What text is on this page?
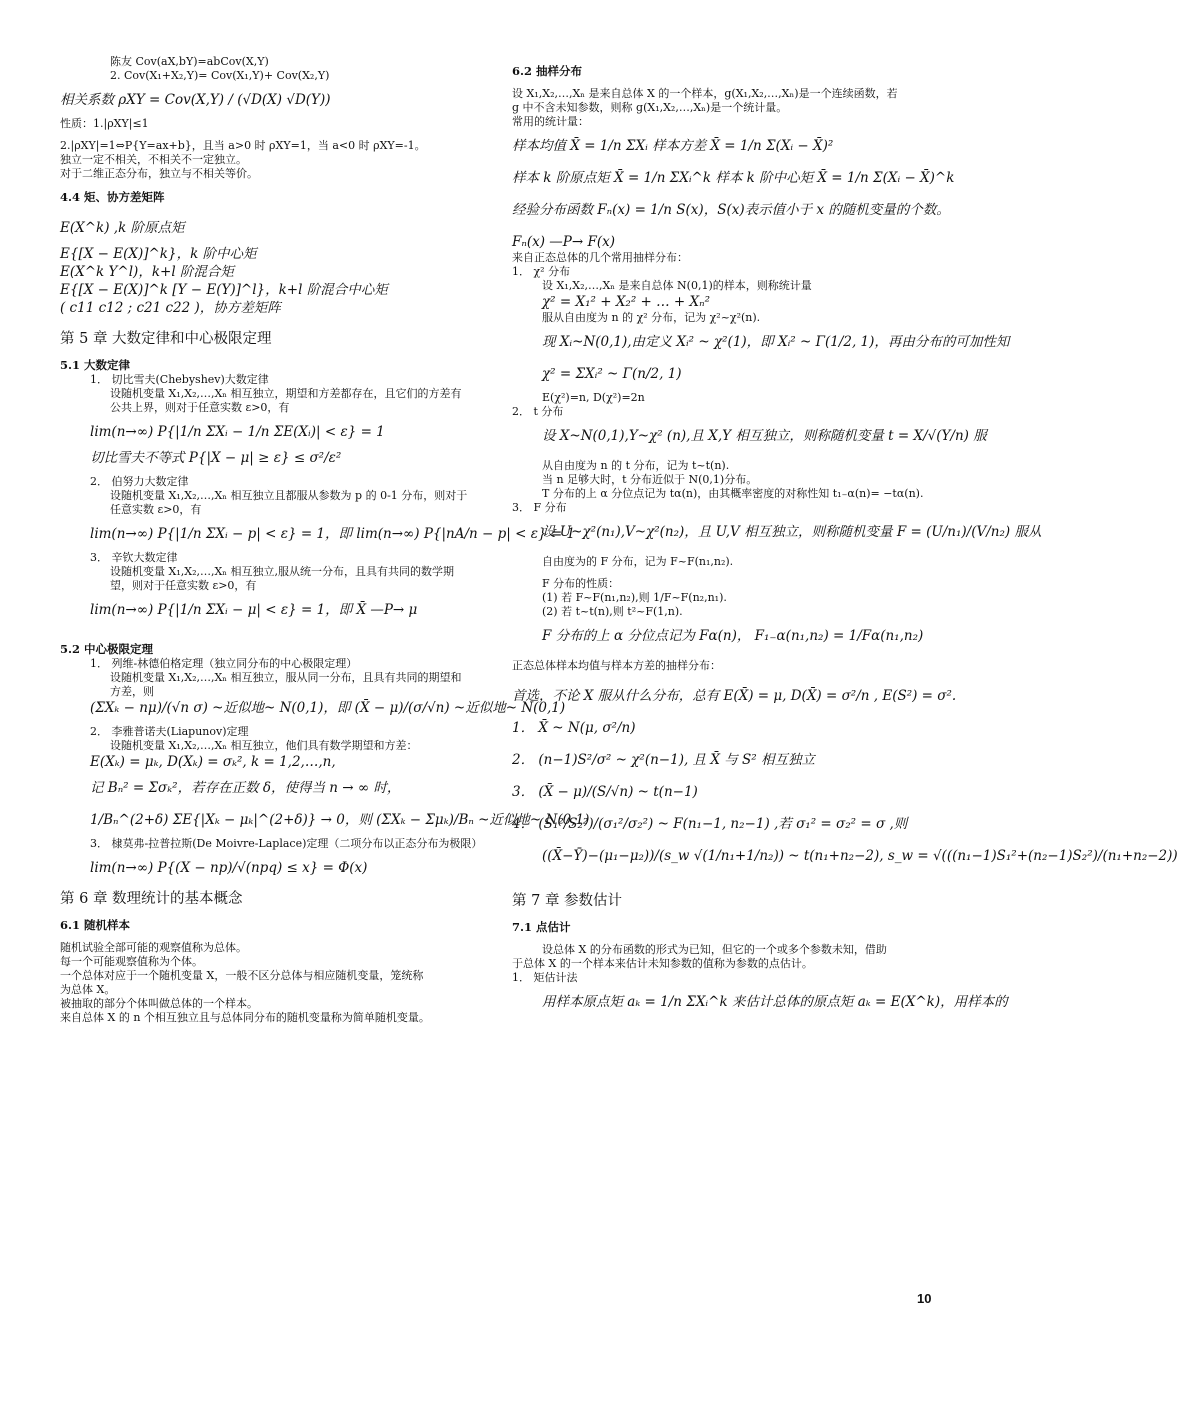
陈友 Cov(aX,bY)=abCov(X,Y)
2. Cov(X₁+X₂,Y)= Cov(X₁,Y)+ Cov(X₂,Y)
相关系数 ρXY = Cov(X,Y) / (√D(X) √D(Y))
性质：1.|ρXY|≤1
2.|ρXY|=1⇔P{Y=ax+b}，且当 a>0 时 ρXY=1，当 a<0 时 ρXY=-1。
独立一定不相关，不相关不一定独立。
对于二维正态分布，独立与不相关等价。
4.4 矩、协方差矩阵
E(X^k) ,k 阶原点矩
E{[X − E(X)]^k}，k 阶中心矩
E(X^k Y^l)，k+l 阶混合矩
E{[X − E(X)]^k [Y − E(Y)]^l}，k+l 阶混合中心矩
( c11 c12 ; c21 c22 )，协方差矩阵
第 5 章 大数定律和中心极限定理
5.1 大数定律
1． 切比雪夫(Chebyshev)大数定律
设随机变量 X₁,X₂,…,Xₙ 相互独立，期望和方差都存在，且它们的方差有
公共上界，则对于任意实数 ε>0，有
lim(n→∞) P{|1/n ΣXᵢ − 1/n ΣE(Xᵢ)| < ε} = 1
切比雪夫不等式 P{|X − μ| ≥ ε} ≤ σ²/ε²
2． 伯努力大数定律
设随机变量 X₁,X₂,…,Xₙ 相互独立且都服从参数为 p 的 0-1 分布，则对于
任意实数 ε>0，有
lim(n→∞) P{|1/n ΣXᵢ − p| < ε} = 1，即 lim(n→∞) P{|nA/n − p| < ε} = 1
3． 辛钦大数定律
设随机变量 X₁,X₂,…,Xₙ 相互独立,服从统一分布，且具有共同的数学期
望，则对于任意实数 ε>0，有
lim(n→∞) P{|1/n ΣXᵢ − μ| < ε} = 1，即 X̄ —P→ μ
5.2 中心极限定理
1． 列维-林德伯格定理（独立同分布的中心极限定理）
设随机变量 X₁,X₂,…,Xₙ 相互独立，服从同一分布，且具有共同的期望和
方差，则
(ΣXₖ − nμ)/(√n σ) ~近似地~ N(0,1)，即 (X̄ − μ)/(σ/√n) ~近似地~ N(0,1)
2． 李雅普诺夫(Liapunov)定理
设随机变量 X₁,X₂,…,Xₙ 相互独立，他们具有数学期望和方差：
E(Xₖ) = μₖ, D(Xₖ) = σₖ², k = 1,2,…,n,
记 Bₙ² = Σσₖ²，若存在正数 δ，使得当 n → ∞ 时，
1/Bₙ^(2+δ) ΣE{|Xₖ − μₖ|^(2+δ)} → 0，则 (ΣXₖ − Σμₖ)/Bₙ ~近似地~ N(0,1)
3． 棣莫弗-拉普拉斯(De Moivre-Laplace)定理（二项分布以正态分布为极限）
lim(n→∞) P{(X − np)/√(npq) ≤ x} = Φ(x)
第 6 章 数理统计的基本概念
6.1 随机样本
随机试验全部可能的观察值称为总体。
每一个可能观察值称为个体。
一个总体对应于一个随机变量 X，一般不区分总体与相应随机变量，笼统称
为总体 X。
被抽取的部分个体叫做总体的一个样本。
来自总体 X 的 n 个相互独立且与总体同分布的随机变量称为简单随机变量。
6.2 抽样分布
设 X₁,X₂,…,Xₙ 是来自总体 X 的一个样本，g(X₁,X₂,…,Xₙ)是一个连续函数，若
g 中不含未知参数，则称 g(X₁,X₂,…,Xₙ)是一个统计量。
常用的统计量：
样本均值 X̄ = 1/n ΣXᵢ 样本方差 X̄ = 1/n Σ(Xᵢ − X̄)²
样本 k 阶原点矩 X̄ = 1/n ΣXᵢ^k 样本 k 阶中心矩 X̄ = 1/n Σ(Xᵢ − X̄)^k
经验分布函数 Fₙ(x) = 1/n S(x)，S(x)表示值小于 x 的随机变量的个数。
Fₙ(x) —P→ F(x)
来自正态总体的几个常用抽样分布：
1． χ² 分布
设 X₁,X₂,…,Xₙ 是来自总体 N(0,1)的样本，则称统计量
χ² = X₁² + X₂² + … + Xₙ²
服从自由度为 n 的 χ² 分布，记为 χ²~χ²(n).
现 Xᵢ~N(0,1),由定义 Xᵢ² ~ χ²(1)，即 Xᵢ² ~ Γ(1/2, 1)，再由分布的可加性知
χ² = ΣXᵢ² ~ Γ(n/2, 1)
E(χ²)=n, D(χ²)=2n
2． t 分布
设 X~N(0,1),Y~χ² (n),且 X,Y 相互独立，则称随机变量 t = X/√(Y/n) 服
从自由度为 n 的 t 分布，记为 t~t(n).
当 n 足够大时，t 分布近似于 N(0,1)分布。
T 分布的上 α 分位点记为 tα(n)，由其概率密度的对称性知 t₁₋α(n)= −tα(n).
3． F 分布
设 U~χ²(n₁),V~χ²(n₂)，且 U,V 相互独立，则称随机变量 F = (U/n₁)/(V/n₂) 服从
自由度为的 F 分布，记为 F~F(n₁,n₂).
F 分布的性质：
(1) 若 F~F(n₁,n₂),则 1/F~F(n₂,n₁).
(2) 若 t~t(n),则 t²~F(1,n).
F 分布的上 α 分位点记为 Fα(n)， F₁₋α(n₁,n₂) = 1/Fα(n₁,n₂)
正态总体样本均值与样本方差的抽样分布：
首选，不论 X 服从什么分布，总有 E(X̄) = μ, D(X̄) = σ²/n , E(S²) = σ².
1． X̄ ~ N(μ, σ²/n)
2． (n−1)S²/σ² ~ χ²(n−1), 且 X̄ 与 S² 相互独立
3． (X̄ − μ)/(S/√n) ~ t(n−1)
4． (S₁²/S₂²)/(σ₁²/σ₂²) ~ F(n₁−1, n₂−1) ,若 σ₁² = σ₂² = σ ,则
((X̄−Ȳ)−(μ₁−μ₂))/(s_w √(1/n₁+1/n₂)) ~ t(n₁+n₂−2), s_w = √(((n₁−1)S₁²+(n₂−1)S₂²)/(n₁+n₂−2))
第 7 章 参数估计
7.1 点估计
设总体 X 的分布函数的形式为已知，但它的一个或多个参数未知，借助
于总体 X 的一个样本来估计未知参数的值称为参数的点估计。
1． 矩估计法
用样本原点矩 aₖ = 1/n ΣXᵢ^k 来估计总体的原点矩 aₖ = E(X^k)，用样本的
10
